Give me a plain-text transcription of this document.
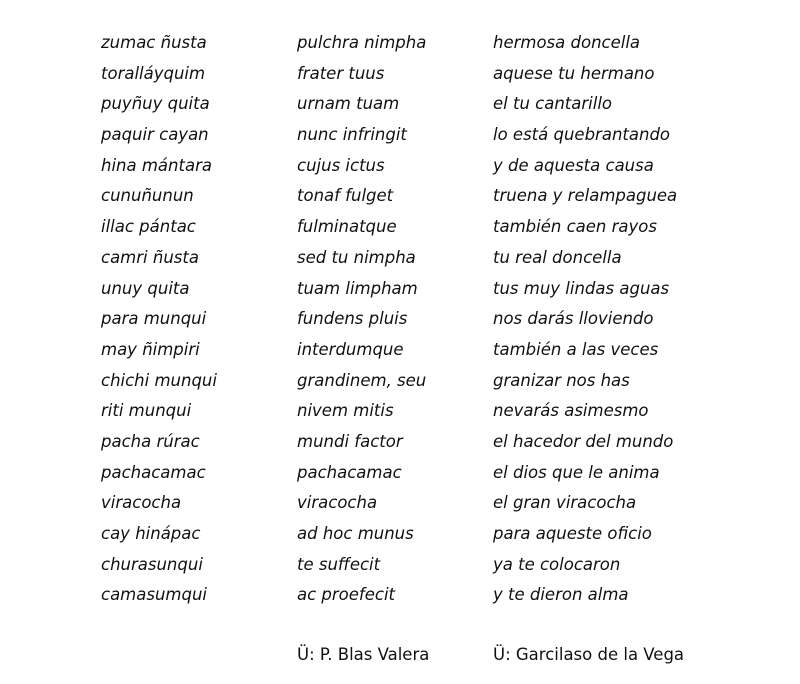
zumac ñusta
toralláyquim
puyñuy quita
paquir cayan
hina mántara
cunuñunun
illac pántac
camri ñusta
unuy quita
para munqui
may ñimpiri
chichi munqui
riti munqui
pacha rúrac
pachacamac
viracocha
cay hinápac
churasunqui
camasumqui
pulchra nimpha
frater tuus
urnam tuam
nunc infringit
cujus ictus
tonaf fulget
fulminatque
sed tu nimpha
tuam limpham
fundens pluis
interdumque
grandinem, seu
nivem mitis
mundi factor
pachacamac
viracocha
ad hoc munus
te suffecit
ac proefecit
hermosa doncella
aquese tu hermano
el tu cantarillo
lo está quebrantando
y de aquesta causa
truena y relampaguea
también caen rayos
tu real doncella
tus muy lindas aguas
nos darás lloviendo
también a las veces
granizar nos has
nevarás asimesmo
el hacedor del mundo
el dios que le anima
el gran viracocha
para aqueste oficio
ya te colocaron
y te dieron alma
Ü: P. Blas Valera	Ü: Garcilaso de la Vega
